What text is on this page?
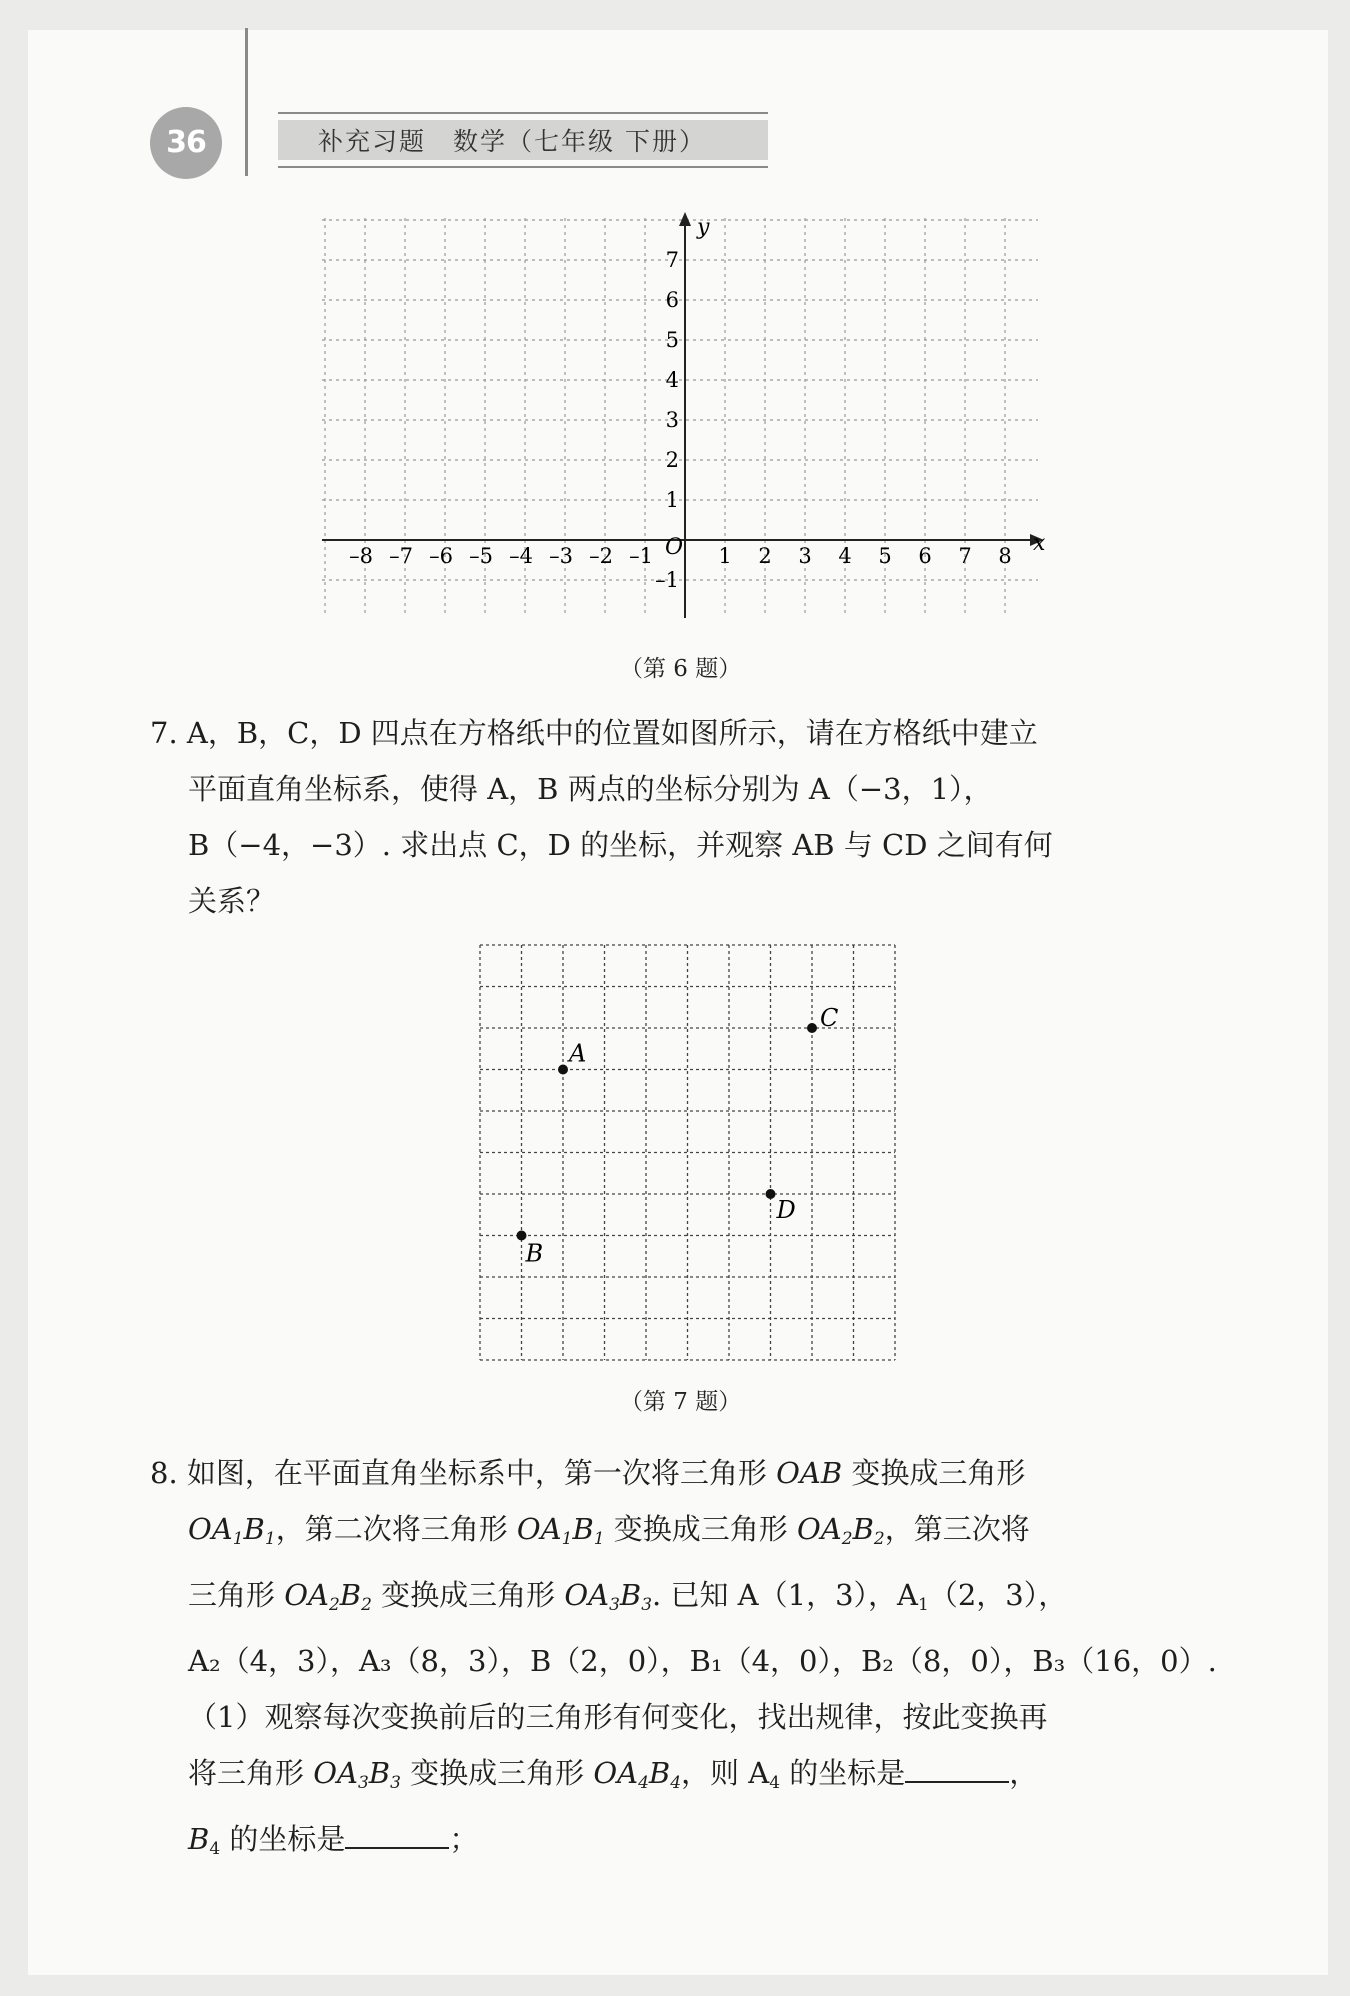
36	补充习题　数学（七年级 下册）
y
x
O
–8 –7 –6 –5 –4 –3 –2 –1	1 2 3 4 5 6 7 8
7
6
5
4
3
2
1
–1
（第 6 题）

7. A，B，C，D 四点在方格纸中的位置如图所示，请在方格纸中建立

平面直角坐标系，使得 A，B 两点的坐标分别为 A（−3，1），

B（−4，−3）. 求出点 C，D 的坐标，并观察 AB 与 CD 之间有何

关系？

A
B
C
D
（第 7 题）

8. 如图，在平面直角坐标系中，第一次将三角形 OAB 变换成三角形

$OA_1B_1$，第二次将三角形 $OA_1B_1$ 变换成三角形 $OA_2B_2$，第三次将

三角形 $OA_2B_2$ 变换成三角形 $OA_3B_3$. 已知 A（1，3），$A_1(2$，3），

A₂（4，3），A₃（8，3），B（2，0），B₁（4，0），B₂（8，0），B₃（16，0）.

（1）观察每次变换前后的三角形有何变化，找出规律，按此变换再

将三角形 $OA_3B_3$ 变换成三角形 $OA_4B_4$，则 $A_4$ 的坐标是	，

$B_4$ 的坐标是	；
